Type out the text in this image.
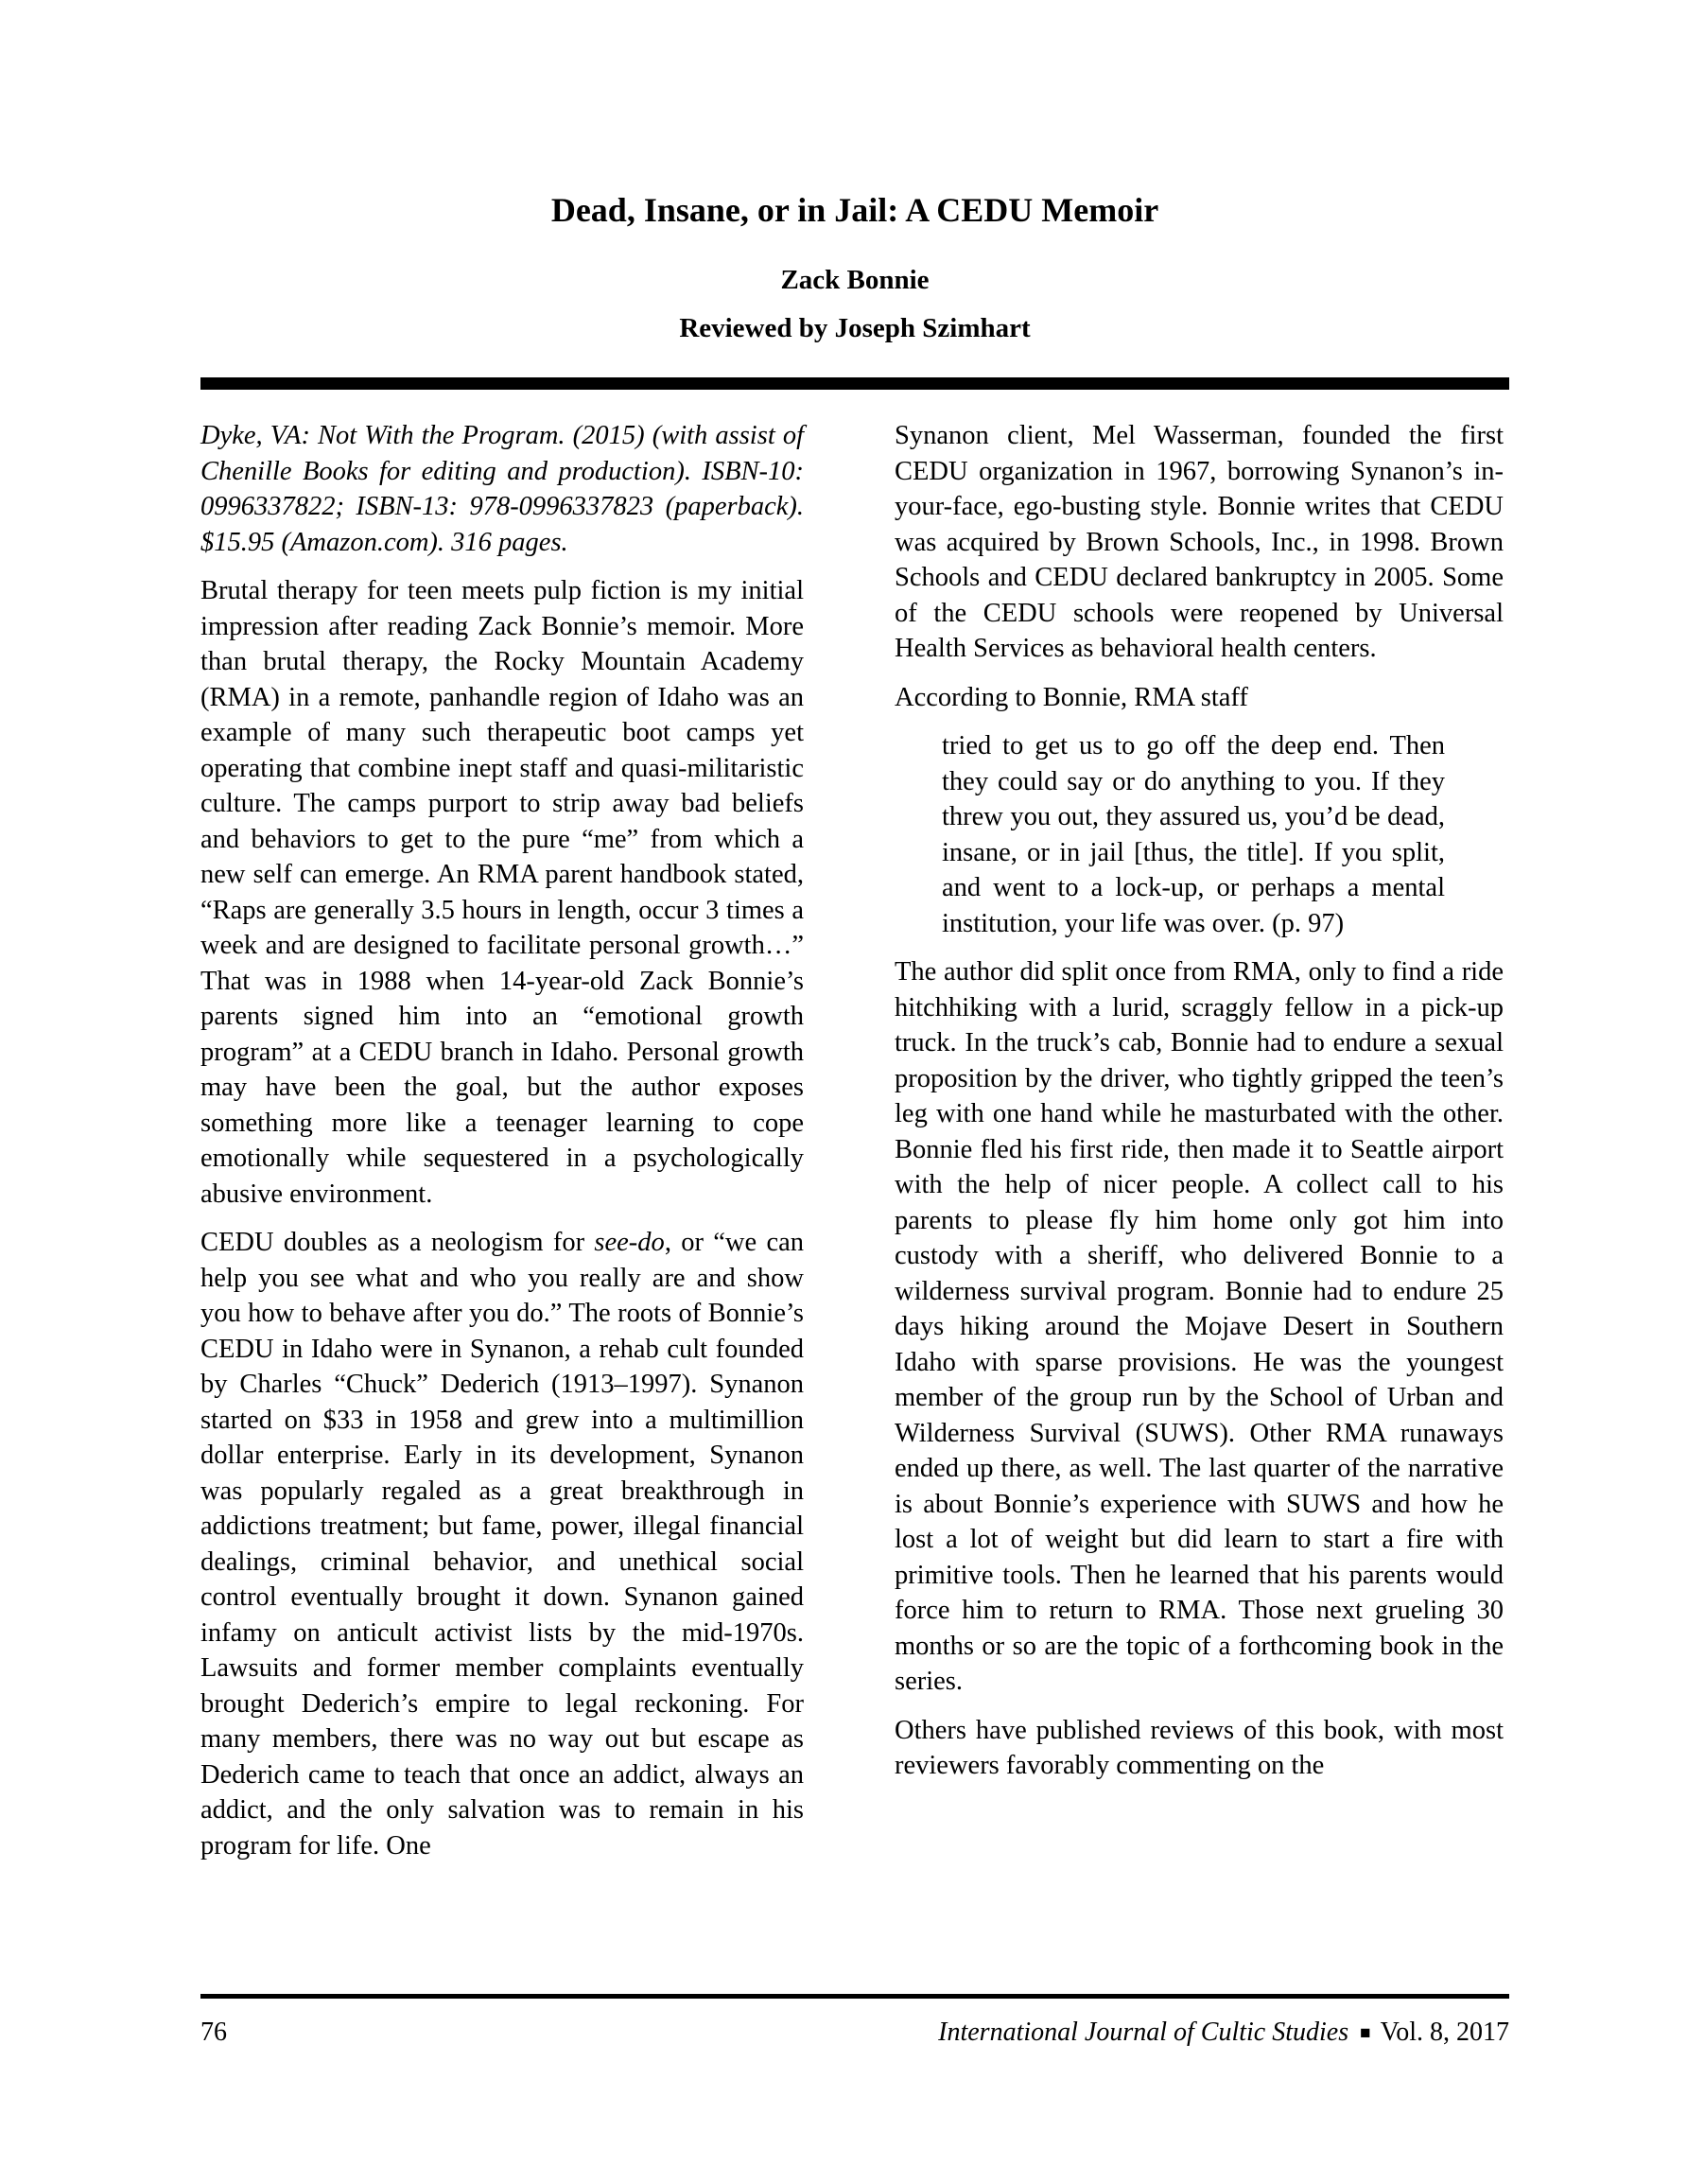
Dead, Insane, or in Jail: A CEDU Memoir
Zack Bonnie
Reviewed by Joseph Szimhart

Dyke, VA: Not With the Program. (2015) (with assist of Chenille Books for editing and production). ISBN-10: 0996337822; ISBN-13: 978-0996337823 (paperback). $15.95 (Amazon.com). 316 pages.

Brutal therapy for teen meets pulp fiction is my initial impression after reading Zack Bonnie’s memoir. More than brutal therapy, the Rocky Mountain Academy (RMA) in a remote, panhandle region of Idaho was an example of many such therapeutic boot camps yet operating that combine inept staff and quasi-militaristic culture. The camps purport to strip away bad beliefs and behaviors to get to the pure “me” from which a new self can emerge. An RMA parent handbook stated, “Raps are generally 3.5 hours in length, occur 3 times a week and are designed to facilitate personal growth…” That was in 1988 when 14-year-old Zack Bonnie’s parents signed him into an “emotional growth program” at a CEDU branch in Idaho. Personal growth may have been the goal, but the author exposes something more like a teenager learning to cope emotionally while sequestered in a psychologically abusive environment.

CEDU doubles as a neologism for see-do, or “we can help you see what and who you really are and show you how to behave after you do.” The roots of Bonnie’s CEDU in Idaho were in Synanon, a rehab cult founded by Charles “Chuck” Dederich (1913–1997). Synanon started on $33 in 1958 and grew into a multimillion dollar enterprise. Early in its development, Synanon was popularly regaled as a great breakthrough in addictions treatment; but fame, power, illegal financial dealings, criminal behavior, and unethical social control eventually brought it down. Synanon gained infamy on anticult activist lists by the mid-1970s. Lawsuits and former member complaints eventually brought Dederich’s empire to legal reckoning. For many members, there was no way out but escape as Dederich came to teach that once an addict, always an addict, and the only salvation was to remain in his program for life. One

Synanon client, Mel Wasserman, founded the first CEDU organization in 1967, borrowing Synanon’s in-your-face, ego-busting style. Bonnie writes that CEDU was acquired by Brown Schools, Inc., in 1998. Brown Schools and CEDU declared bankruptcy in 2005. Some of the CEDU schools were reopened by Universal Health Services as behavioral health centers.

According to Bonnie, RMA staff

tried to get us to go off the deep end. Then they could say or do anything to you. If they threw you out, they assured us, you’d be dead, insane, or in jail [thus, the title]. If you split, and went to a lock-up, or perhaps a mental institution, your life was over. (p. 97)

The author did split once from RMA, only to find a ride hitchhiking with a lurid, scraggly fellow in a pick-up truck. In the truck’s cab, Bonnie had to endure a sexual proposition by the driver, who tightly gripped the teen’s leg with one hand while he masturbated with the other. Bonnie fled his first ride, then made it to Seattle airport with the help of nicer people. A collect call to his parents to please fly him home only got him into custody with a sheriff, who delivered Bonnie to a wilderness survival program. Bonnie had to endure 25 days hiking around the Mojave Desert in Southern Idaho with sparse provisions. He was the youngest member of the group run by the School of Urban and Wilderness Survival (SUWS). Other RMA runaways ended up there, as well. The last quarter of the narrative is about Bonnie’s experience with SUWS and how he lost a lot of weight but did learn to start a fire with primitive tools. Then he learned that his parents would force him to return to RMA. Those next grueling 30 months or so are the topic of a forthcoming book in the series.

Others have published reviews of this book, with most reviewers favorably commenting on the

76	International Journal of Cultic Studies ■ Vol. 8, 2017
